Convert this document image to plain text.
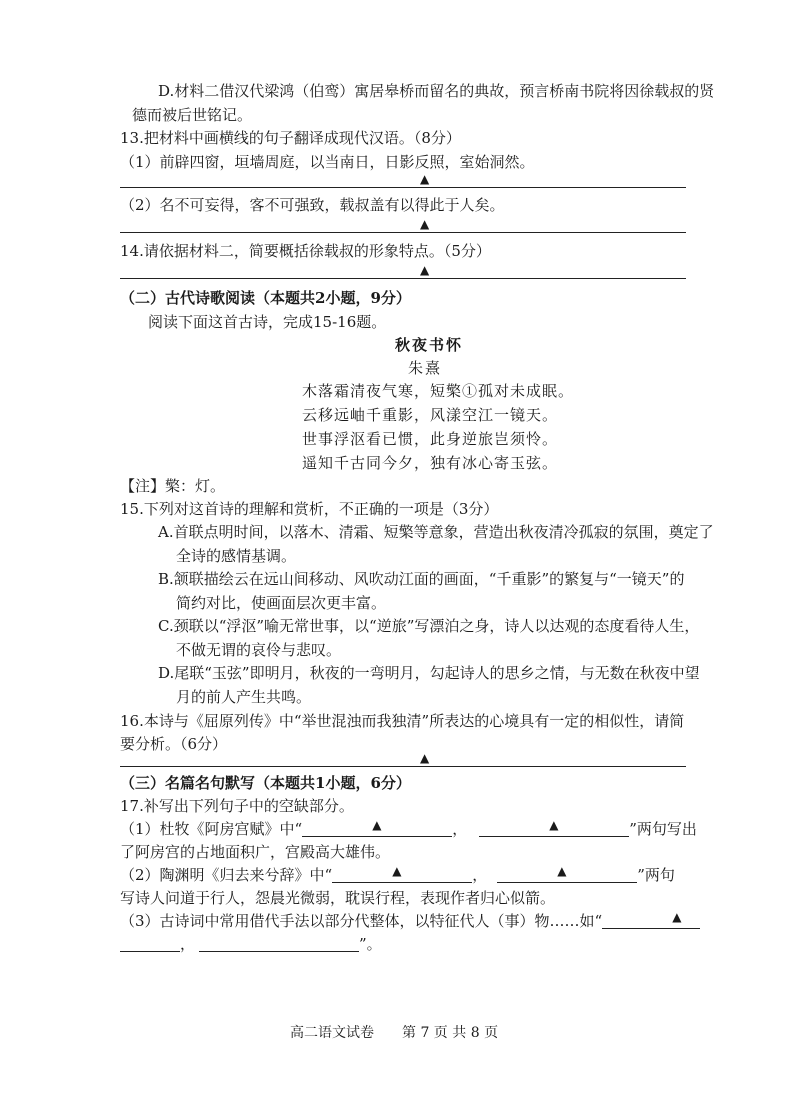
D.材料二借汉代梁鸿（伯鸾）寓居皋桥而留名的典故，预言桥南书院将因徐载叔的贤
德而被后世铭记。
13.把材料中画横线的句子翻译成现代汉语。（8分）
（1）前辟四窗，垣墙周庭，以当南日，日影反照，室始洞然。
▲
（2）名不可妄得，客不可强致，载叔盖有以得此于人矣。
▲
14.请依据材料二，简要概括徐载叔的形象特点。（5分）
▲
（二）古代诗歌阅读（本题共2小题，9分）
阅读下面这首古诗，完成15-16题。
秋夜书怀
朱熹
木落霜清夜气寒，短檠①孤对未成眠。
云移远岫千重影，风漾空江一镜天。
世事浮沤看已惯，此身逆旅岂须怜。
遥知千古同今夕，独有冰心寄玉弦。
【注】檠：灯。
15.下列对这首诗的理解和赏析，不正确的一项是（3分）
A.首联点明时间，以落木、清霜、短檠等意象，营造出秋夜清冷孤寂的氛围，奠定了
全诗的感情基调。
B.颔联描绘云在远山间移动、风吹动江面的画面，“千重影”的繁复与“一镜天”的
简约对比，使画面层次更丰富。
C.颈联以“浮沤”喻无常世事，以“逆旅”写漂泊之身，诗人以达观的态度看待人生，
不做无谓的哀伶与悲叹。
D.尾联“玉弦”即明月，秋夜的一弯明月，勾起诗人的思乡之情，与无数在秋夜中望
月的前人产生共鸣。
16.本诗与《屈原列传》中“举世混浊而我独清”所表达的心境具有一定的相似性，请简
要分析。（6分）
▲
（三）名篇名句默写（本题共1小题，6分）
17.补写出下列句子中的空缺部分。
（1）杜牧《阿房宫赋》中“	▲	，	▲	”两句写出
了阿房宫的占地面积广，宫殿高大雄伟。
（2）陶渊明《归去来兮辞》中“	▲	，	▲	”两句
写诗人问道于行人，怨晨光微弱，耽误行程，表现作者归心似箭。
（3）古诗词中常用借代手法以部分代整体，以特征代人（事）物……如“	▲
，	”。
高二语文试卷　　第 7 页 共 8 页
